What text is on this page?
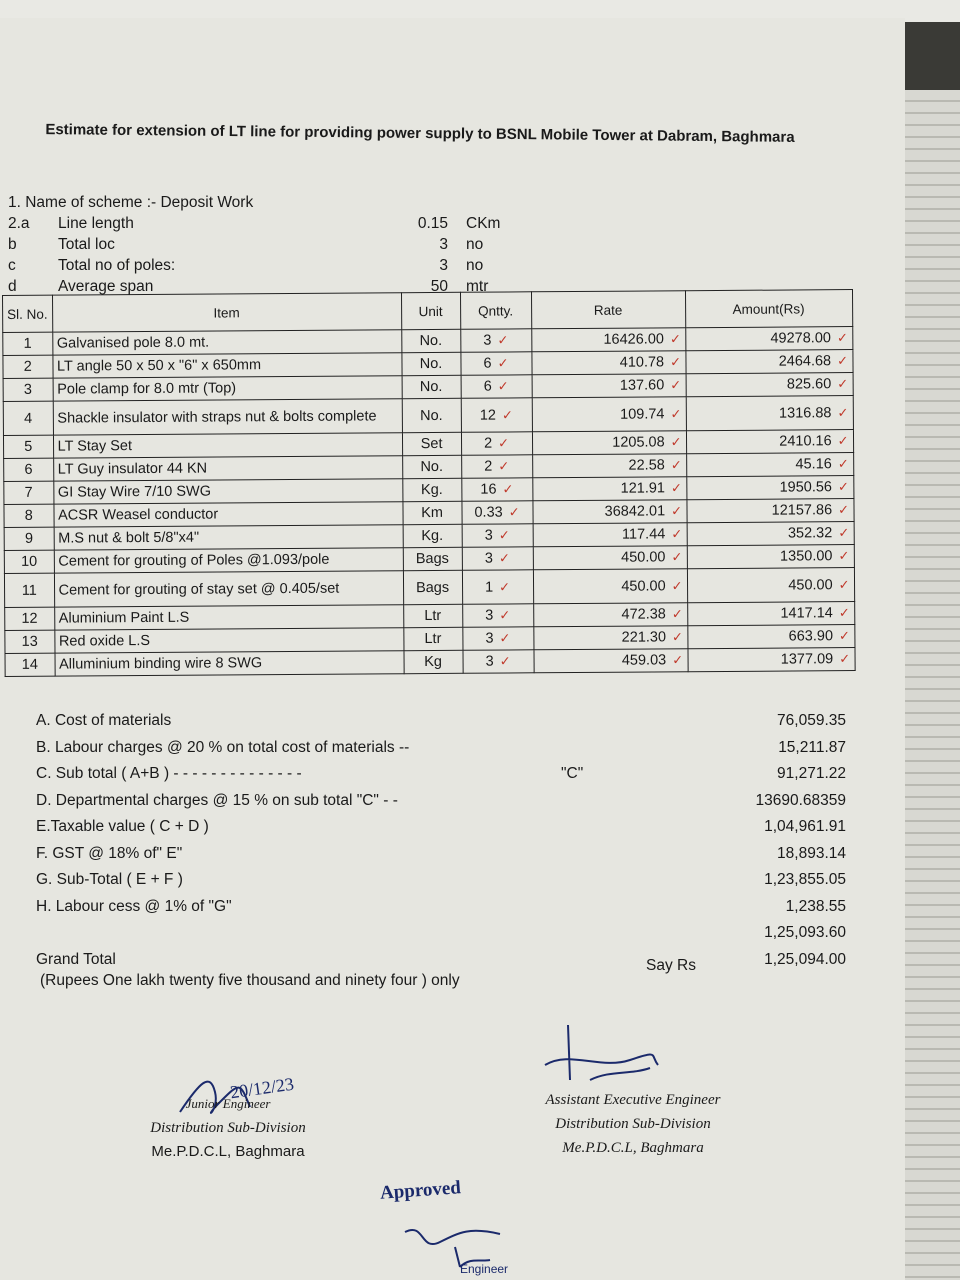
Estimate for extension of LT line for providing power supply to BSNL Mobile Tower at Dabram, Baghmara
1. Name of scheme :- Deposit Work
2.a Line length	0.15 CKm
b	Total loc	3 no
c	Total no of poles:	3 no
d	Average span	50 mtr
Sl. No.	Item	Unit	Qntty.	Rate	Amount(Rs)
1	Galvanised pole 8.0 mt.	No.	3 ✓	16426.00 ✓	49278.00 ✓
2	LT angle 50 x 50 x "6" x 650mm	No.	6 ✓	410.78 ✓	2464.68 ✓
3	Pole clamp for 8.0 mtr (Top)	No.	6 ✓	137.60 ✓	825.60 ✓
4	Shackle insulator with straps nut & bolts complete	No.	12 ✓	109.74 ✓	1316.88 ✓
5	LT Stay Set	Set	2 ✓	1205.08 ✓	2410.16 ✓
6	LT Guy insulator 44 KN	No.	2 ✓	22.58 ✓	45.16 ✓
7	GI Stay Wire 7/10 SWG	Kg.	16 ✓	121.91 ✓	1950.56 ✓
8	ACSR Weasel conductor	Km	0.33 ✓	36842.01 ✓	12157.86 ✓
9	M.S nut & bolt 5/8"x4"	Kg.	3 ✓	117.44 ✓	352.32 ✓
10	Cement for grouting of Poles @1.093/pole	Bags	3 ✓	450.00 ✓	1350.00 ✓
11	Cement for grouting of stay set @ 0.405/set	Bags	1 ✓	450.00 ✓	450.00 ✓
12	Aluminium Paint L.S	Ltr	3 ✓	472.38 ✓	1417.14 ✓
13	Red oxide L.S	Ltr	3 ✓	221.30 ✓	663.90 ✓
14	Alluminium binding wire 8 SWG	Kg	3 ✓	459.03 ✓	1377.09 ✓
A. Cost of materials	76,059.35
B. Labour charges @ 20 % on total cost of materials --	15,211.87
C. Sub total ( A+B ) - - - - - - - - - - - - - -	"C"	91,271.22
D. Departmental charges @ 15 % on sub total "C" - -	13690.68359
E.Taxable value ( C + D )	1,04,961.91
F. GST @ 18% of" E"	18,893.14
G. Sub-Total ( E + F )	1,23,855.05
H. Labour cess @ 1% of "G"	1,238.55
1,25,093.60
Grand Total	Say Rs	1,25,094.00
(Rupees One lakh twenty five thousand and ninety four ) only
Junior Engineer
20/12/23
Distribution Sub-Division
Me.P.D.C.L, Baghmara
Assistant Executive Engineer
Distribution Sub-Division
Me.P.D.C.L, Baghmara
Approved
Engineer
